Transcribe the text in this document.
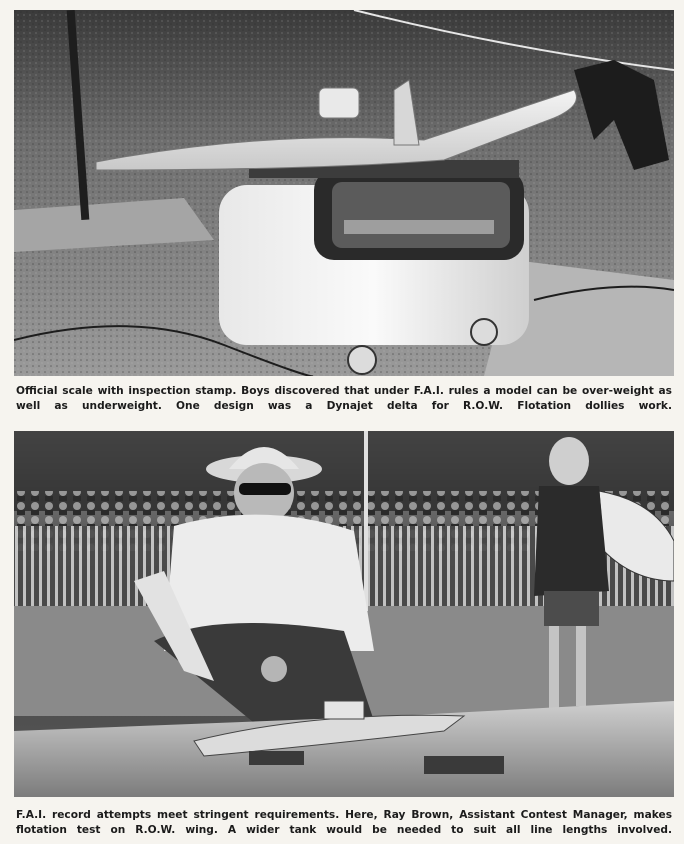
Official scale with inspection stamp. Boys discovered that under F.A.I. rules a model can be over-weight as well as underweight. One design was a Dynajet delta for R.O.W. Flotation dollies work.

F.A.I. record attempts meet stringent requirements. Here, Ray Brown, Assistant Contest Manager, makes flotation test on R.O.W. wing. A wider tank would be needed to suit all line lengths involved.
